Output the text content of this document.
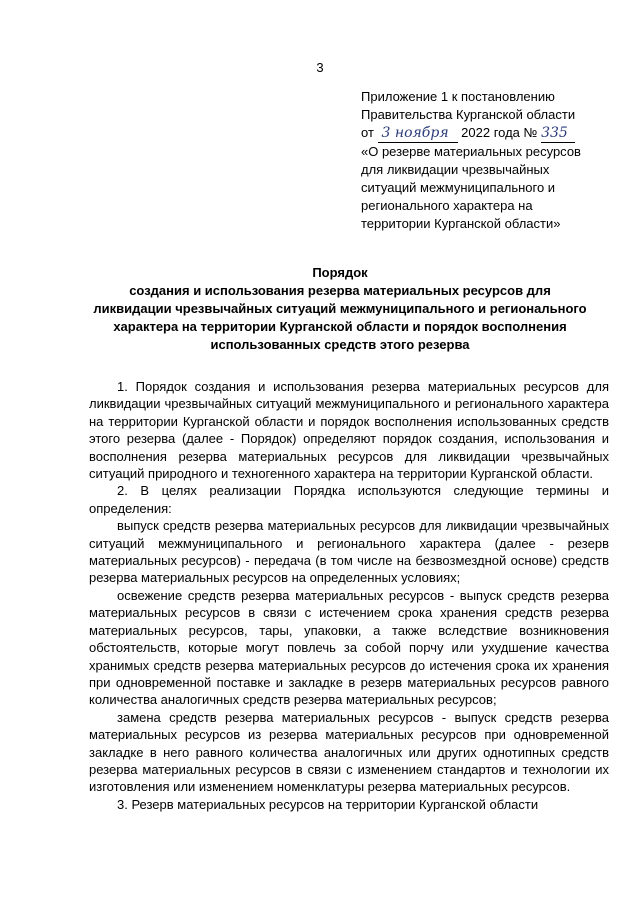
3
Приложение 1 к постановлению
Правительства Курганской области
от 3 ноября 2022 года № 335
«О резерве материальных ресурсов
для ликвидации чрезвычайных
ситуаций межмуниципального и
регионального характера на
территории Курганской области»
Порядок
создания и использования резерва материальных ресурсов для
ликвидации чрезвычайных ситуаций межмуниципального и регионального
характера на территории Курганской области и порядок восполнения
использованных средств этого резерва

1. Порядок создания и использования резерва материальных ресурсов для ликвидации чрезвычайных ситуаций межмуниципального и регионального характера на территории Курганской области и порядок восполнения использованных средств этого резерва (далее - Порядок) определяют порядок создания, использования и восполнения резерва материальных ресурсов для ликвидации чрезвычайных ситуаций природного и техногенного характера на территории Курганской области.

2. В целях реализации Порядка используются следующие термины и определения:

выпуск средств резерва материальных ресурсов для ликвидации чрезвычайных ситуаций межмуниципального и регионального характера (далее - резерв материальных ресурсов) - передача (в том числе на безвозмездной основе) средств резерва материальных ресурсов на определенных условиях;

освежение средств резерва материальных ресурсов - выпуск средств резерва материальных ресурсов в связи с истечением срока хранения средств резерва материальных ресурсов, тары, упаковки, а также вследствие возникновения обстоятельств, которые могут повлечь за собой порчу или ухудшение качества хранимых средств резерва материальных ресурсов до истечения срока их хранения при одновременной поставке и закладке в резерв материальных ресурсов равного количества аналогичных средств резерва материальных ресурсов;

замена средств резерва материальных ресурсов - выпуск средств резерва материальных ресурсов из резерва материальных ресурсов при одновременной закладке в него равного количества аналогичных или других однотипных средств резерва материальных ресурсов в связи с изменением стандартов и технологии их изготовления или изменением номенклатуры резерва материальных ресурсов.

3. Резерв материальных ресурсов на территории Курганской области
